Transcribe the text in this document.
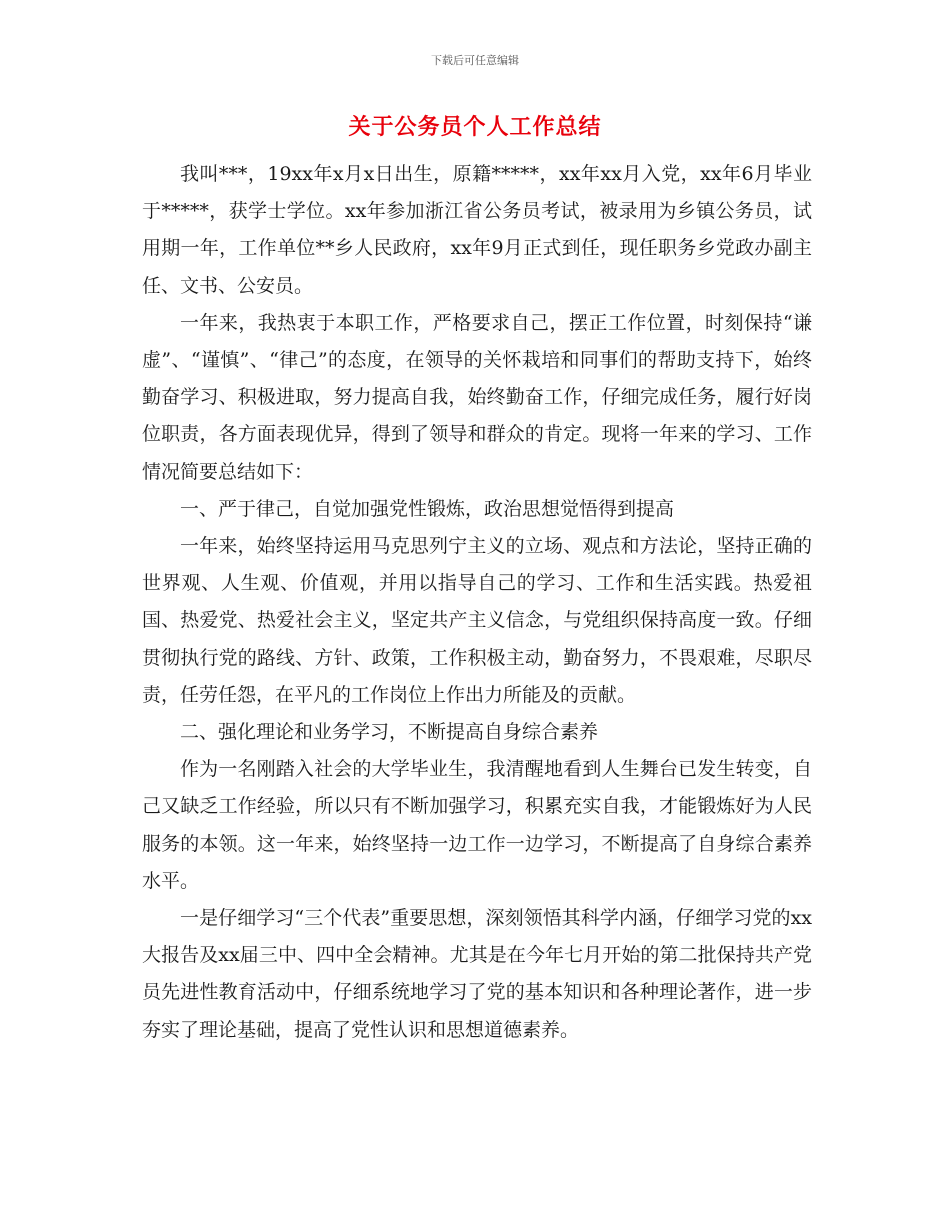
下载后可任意编辑
关于公务员个人工作总结

我叫***，19xx年x月x日出生，原籍*****，xx年xx月入党，xx年6月毕业于*****，获学士学位。xx年参加浙江省公务员考试，被录用为乡镇公务员，试用期一年，工作单位**乡人民政府，xx年9月正式到任，现任职务乡党政办副主任、文书、公安员。

一年来，我热衷于本职工作，严格要求自己，摆正工作位置，时刻保持“谦虚”、“谨慎”、“律己”的态度，在领导的关怀栽培和同事们的帮助支持下，始终勤奋学习、积极进取，努力提高自我，始终勤奋工作，仔细完成任务，履行好岗位职责，各方面表现优异，得到了领导和群众的肯定。现将一年来的学习、工作情况简要总结如下：

一、严于律己，自觉加强党性锻炼，政治思想觉悟得到提高

一年来，始终坚持运用马克思列宁主义的立场、观点和方法论，坚持正确的世界观、人生观、价值观，并用以指导自己的学习、工作和生活实践。热爱祖国、热爱党、热爱社会主义，坚定共产主义信念，与党组织保持高度一致。仔细贯彻执行党的路线、方针、政策，工作积极主动，勤奋努力，不畏艰难，尽职尽责，任劳任怨，在平凡的工作岗位上作出力所能及的贡献。

二、强化理论和业务学习，不断提高自身综合素养

作为一名刚踏入社会的大学毕业生，我清醒地看到人生舞台已发生转变，自己又缺乏工作经验，所以只有不断加强学习，积累充实自我，才能锻炼好为人民服务的本领。这一年来，始终坚持一边工作一边学习，不断提高了自身综合素养水平。

一是仔细学习“三个代表”重要思想，深刻领悟其科学内涵，仔细学习党的xx大报告及xx届三中、四中全会精神。尤其是在今年七月开始的第二批保持共产党员先进性教育活动中，仔细系统地学习了党的基本知识和各种理论著作，进一步夯实了理论基础，提高了党性认识和思想道德素养。
